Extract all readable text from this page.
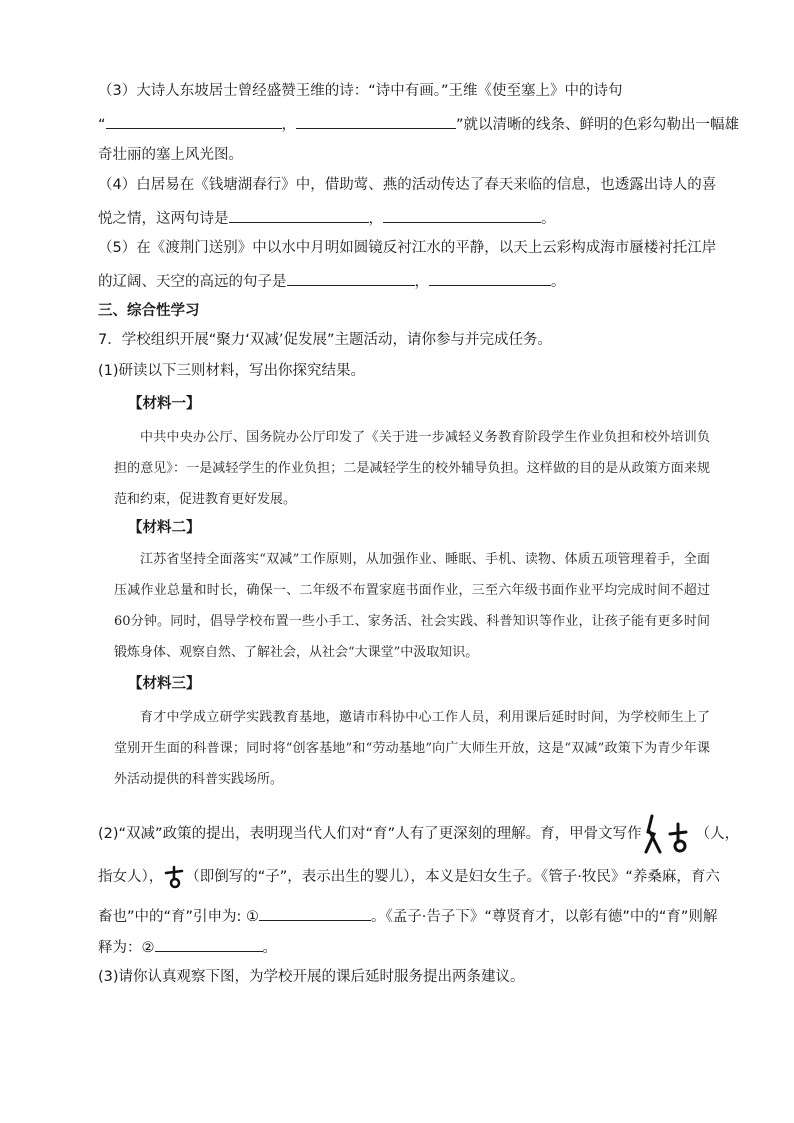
（3）大诗人东坡居士曾经盛赞王维的诗：“诗中有画。”王维《使至塞上》中的诗句
“	，	”就以清晰的线条、鲜明的色彩勾勒出一幅雄
奇壮丽的塞上风光图。
（4）白居易在《钱塘湖春行》中，借助莺、燕的活动传达了春天来临的信息，也透露出诗人的喜
悦之情，这两句诗是	，	。
（5）在《渡荆门送别》中以水中月明如圆镜反衬江水的平静，以天上云彩构成海市蜃楼衬托江岸
的辽阔、天空的高远的句子是	，	。
三、综合性学习
7．学校组织开展“聚力‘双减’促发展”主题活动，请你参与并完成任务。
(1)研读以下三则材料，写出你探究结果。
【材料一】
中共中央办公厅、国务院办公厅印发了《关于进一步减轻义务教育阶段学生作业负担和校外培训负担的意见》：一是减轻学生的作业负担；二是减轻学生的校外辅导负担。这样做的目的是从政策方面来规范和约束，促进教育更好发展。
【材料二】
江苏省坚持全面落实“双减”工作原则，从加强作业、睡眠、手机、读物、体质五项管理着手，全面压减作业总量和时长，确保一、二年级不布置家庭书面作业，三至六年级书面作业平均完成时间不超过60分钟。同时，倡导学校布置一些小手工、家务活、社会实践、科普知识等作业，让孩子能有更多时间锻炼身体、观察自然、了解社会，从社会“大课堂”中汲取知识。
【材料三】
育才中学成立研学实践教育基地，邀请市科协中心工作人员，利用课后延时时间，为学校师生上了堂别开生面的科普课；同时将“创客基地”和“劳动基地”向广大师生开放，这是“双减”政策下为青少年课外活动提供的科普实践场所。
(2)“双减”政策的提出，表明现当代人们对“育”人有了更深刻的理解。育，甲骨文写作	（人，
指女人）， （即倒写的“子”，表示出生的婴儿），本义是妇女生子。《管子·牧民》“养桑麻，育六
畜也”中的“育”引申为: ①	。《孟子·告子下》“尊贤育才，以彰有德”中的“育”则解
释为：②	。
(3)请你认真观察下图，为学校开展的课后延时服务提出两条建议。
